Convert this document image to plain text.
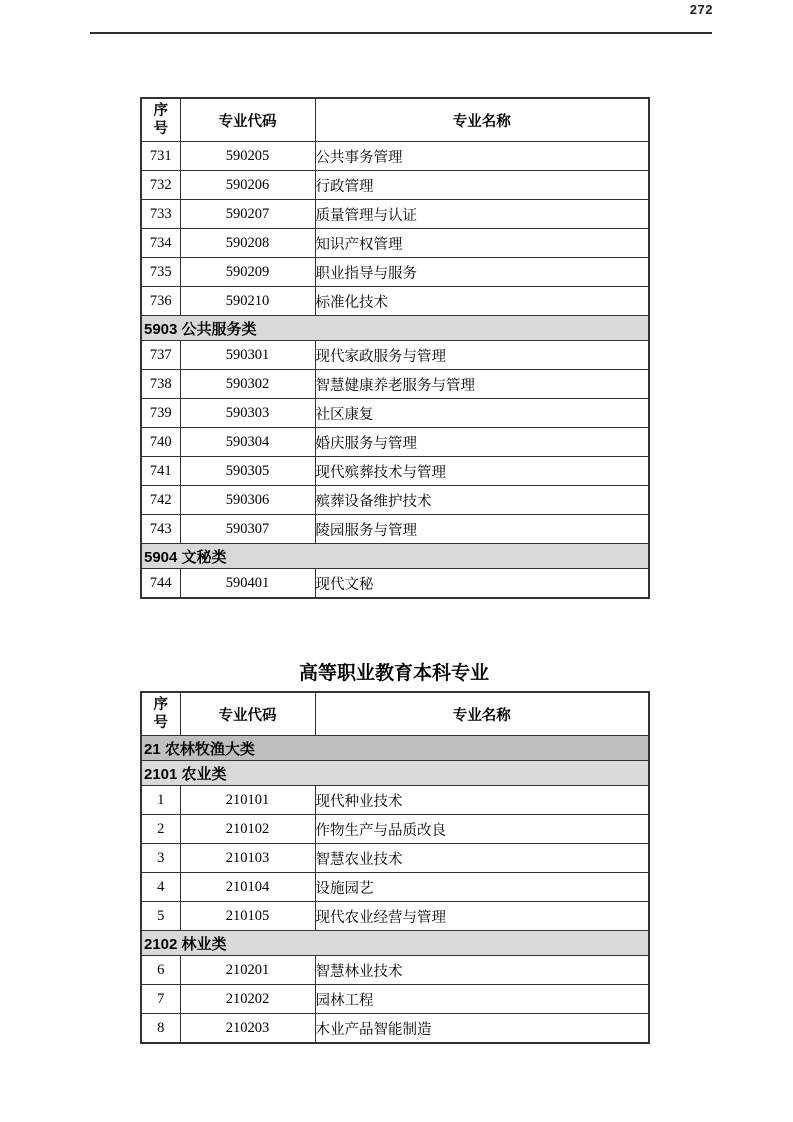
272
序号	专业代码	专业名称
731	590205	公共事务管理
732	590206	行政管理
733	590207	质量管理与认证
734	590208	知识产权管理
735	590209	职业指导与服务
736	590210	标准化技术
5903 公共服务类		
737	590301	现代家政服务与管理
738	590302	智慧健康养老服务与管理
739	590303	社区康复
740	590304	婚庆服务与管理
741	590305	现代殡葬技术与管理
742	590306	殡葬设备维护技术
743	590307	陵园服务与管理
5904 文秘类		
744	590401	现代文秘
高等职业教育本科专业
序号	专业代码	专业名称
21 农林牧渔大类		
2101 农业类		
1	210101	现代种业技术
2	210102	作物生产与品质改良
3	210103	智慧农业技术
4	210104	设施园艺
5	210105	现代农业经营与管理
2102 林业类		
6	210201	智慧林业技术
7	210202	园林工程
8	210203	木业产品智能制造
